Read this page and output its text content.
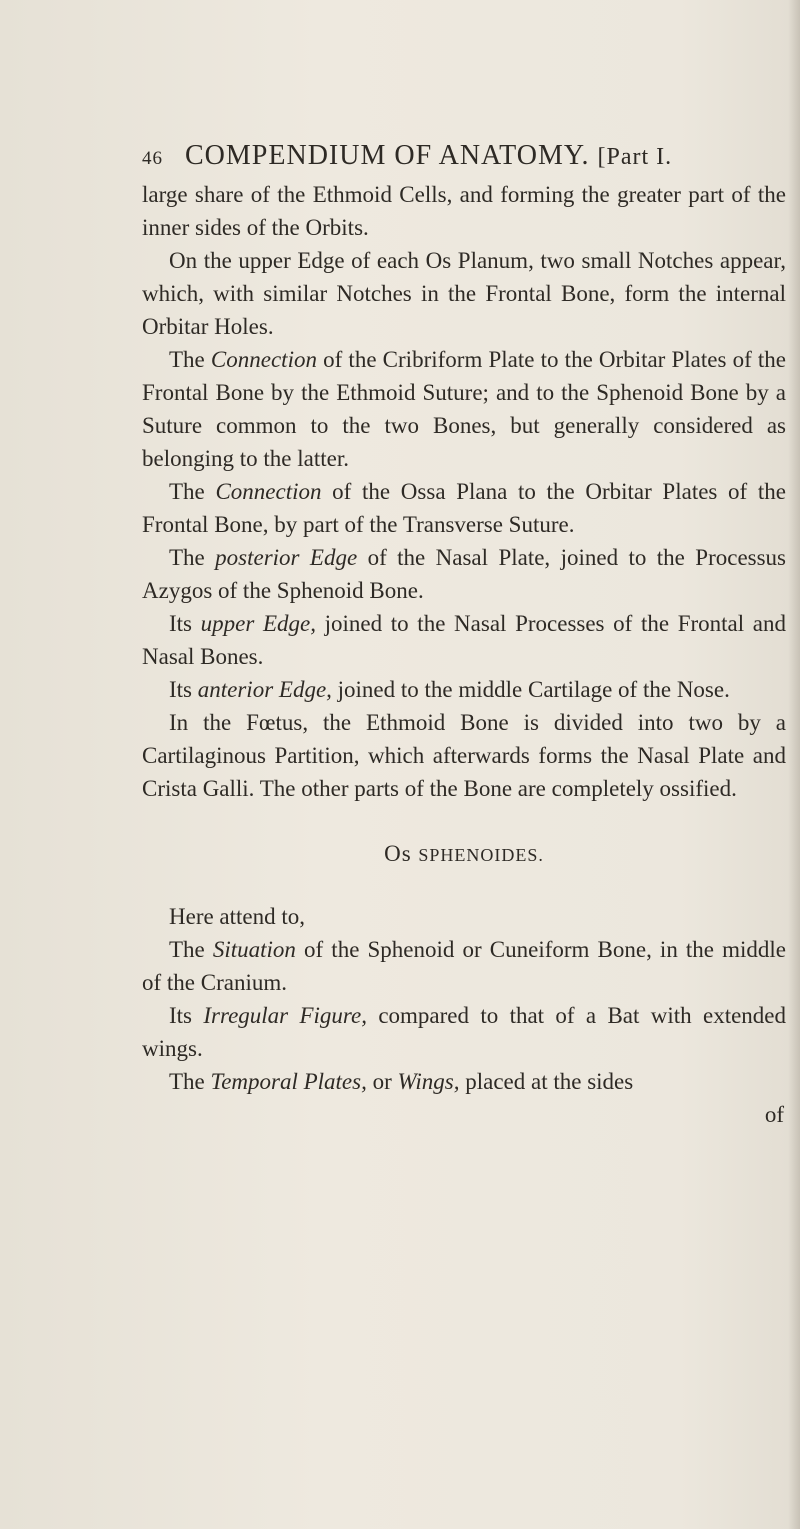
46 COMPENDIUM OF ANATOMY. [Part I.

large share of the Ethmoid Cells, and forming the greater part of the inner sides of the Orbits.

On the upper Edge of each Os Planum, two small Notches appear, which, with similar Notches in the Frontal Bone, form the internal Orbitar Holes.

The Connection of the Cribriform Plate to the Orbitar Plates of the Frontal Bone by the Ethmoid Suture; and to the Sphenoid Bone by a Suture common to the two Bones, but generally considered as belonging to the latter.

The Connection of the Ossa Plana to the Orbitar Plates of the Frontal Bone, by part of the Transverse Suture.

The posterior Edge of the Nasal Plate, joined to the Processus Azygos of the Sphenoid Bone.

Its upper Edge, joined to the Nasal Processes of the Frontal and Nasal Bones.

Its anterior Edge, joined to the middle Cartilage of the Nose.

In the Fœtus, the Ethmoid Bone is divided into two by a Cartilaginous Partition, which afterwards forms the Nasal Plate and Crista Galli. The other parts of the Bone are completely ossified.

Os SPHENOIDES.

Here attend to,

The Situation of the Sphenoid or Cuneiform Bone, in the middle of the Cranium.

Its Irregular Figure, compared to that of a Bat with extended wings.

The Temporal Plates, or Wings, placed at the sides

of
